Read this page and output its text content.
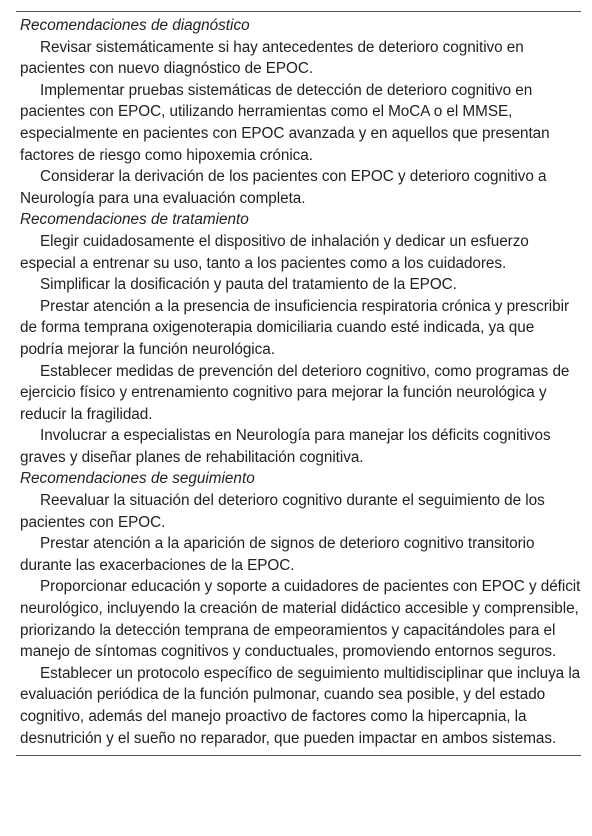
Recomendaciones de diagnóstico

Revisar sistemáticamente si hay antecedentes de deterioro cognitivo en pacientes con nuevo diagnóstico de EPOC.

Implementar pruebas sistemáticas de detección de deterioro cognitivo en pacientes con EPOC, utilizando herramientas como el MoCA o el MMSE, especialmente en pacientes con EPOC avanzada y en aquellos que presentan factores de riesgo como hipoxemia crónica.

Considerar la derivación de los pacientes con EPOC y deterioro cognitivo a Neurología para una evaluación completa.

Recomendaciones de tratamiento

Elegir cuidadosamente el dispositivo de inhalación y dedicar un esfuerzo especial a entrenar su uso, tanto a los pacientes como a los cuidadores.

Simplificar la dosificación y pauta del tratamiento de la EPOC.

Prestar atención a la presencia de insuficiencia respiratoria crónica y prescribir de forma temprana oxigenoterapia domiciliaria cuando esté indicada, ya que podría mejorar la función neurológica.

Establecer medidas de prevención del deterioro cognitivo, como programas de ejercicio físico y entrenamiento cognitivo para mejorar la función neurológica y reducir la fragilidad.

Involucrar a especialistas en Neurología para manejar los déficits cognitivos graves y diseñar planes de rehabilitación cognitiva.

Recomendaciones de seguimiento

Reevaluar la situación del deterioro cognitivo durante el seguimiento de los pacientes con EPOC.

Prestar atención a la aparición de signos de deterioro cognitivo transitorio durante las exacerbaciones de la EPOC.

Proporcionar educación y soporte a cuidadores de pacientes con EPOC y déficit neurológico, incluyendo la creación de material didáctico accesible y comprensible, priorizando la detección temprana de empeoramientos y capacitándoles para el manejo de síntomas cognitivos y conductuales, promoviendo entornos seguros.

Establecer un protocolo específico de seguimiento multidisciplinar que incluya la evaluación periódica de la función pulmonar, cuando sea posible, y del estado cognitivo, además del manejo proactivo de factores como la hipercapnia, la desnutrición y el sueño no reparador, que pueden impactar en ambos sistemas.
